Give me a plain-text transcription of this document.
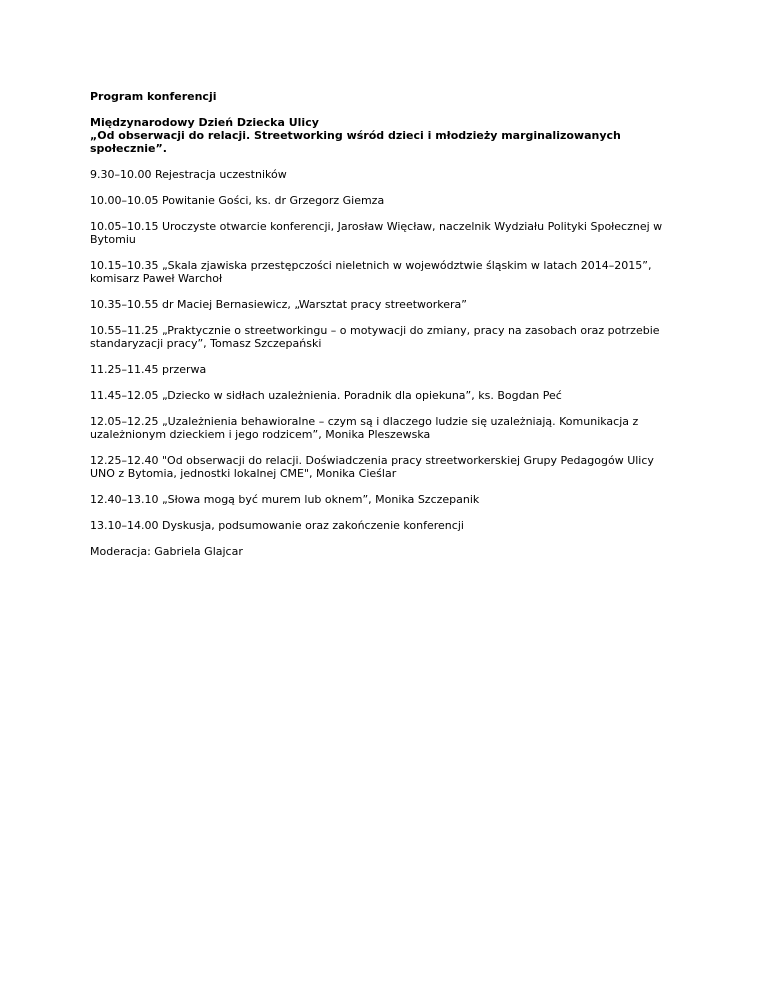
Program konferencji
Międzynarodowy Dzień Dziecka Ulicy
„Od obserwacji do relacji. Streetworking wśród dzieci i młodzieży marginalizowanych społecznie”.
9.30–10.00 Rejestracja uczestników
10.00–10.05 Powitanie Gości, ks. dr Grzegorz Giemza
10.05–10.15 Uroczyste otwarcie konferencji, Jarosław Więcław, naczelnik Wydziału Polityki Społecznej w Bytomiu
10.15–10.35 „Skala zjawiska przestępczości nieletnich w województwie śląskim w latach 2014–2015”, komisarz Paweł Warchoł
10.35–10.55 dr Maciej Bernasiewicz, „Warsztat pracy streetworkera”
10.55–11.25 „Praktycznie o streetworkingu – o motywacji do zmiany, pracy na zasobach oraz potrzebie standaryzacji pracy”, Tomasz Szczepański
11.25–11.45 przerwa
11.45–12.05 „Dziecko w sidłach uzależnienia. Poradnik dla opiekuna”, ks. Bogdan Peć
12.05–12.25 „Uzależnienia behawioralne – czym są i dlaczego ludzie się uzależniają. Komunikacja z uzależnionym dzieckiem i jego rodzicem”, Monika Pleszewska
12.25–12.40 "Od obserwacji do relacji. Doświadczenia pracy streetworkerskiej Grupy Pedagogów Ulicy UNO z Bytomia, jednostki lokalnej CME", Monika Cieślar
12.40–13.10 „Słowa mogą być murem lub oknem”, Monika Szczepanik
13.10–14.00 Dyskusja, podsumowanie oraz zakończenie konferencji
Moderacja: Gabriela Glajcar
